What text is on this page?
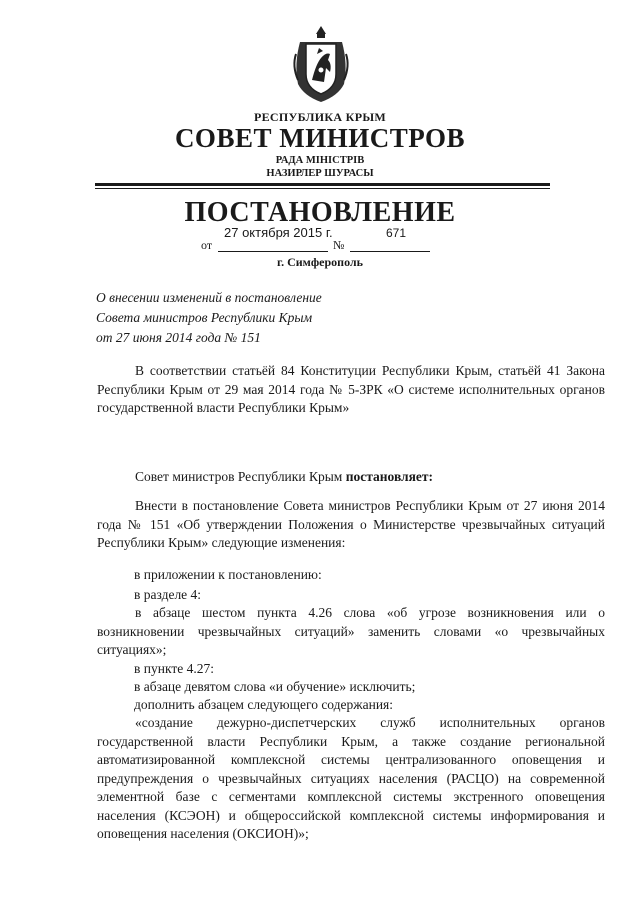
РЕСПУБЛИКА КРЫМ
СОВЕТ МИНИСТРОВ
РАДА МІНІСТРІВ
НАЗИРЛЕР ШУРАСЫ
ПОСТАНОВЛЕНИЕ
27 октября 2015 г.	671
от	№
г. Симферополь
О внесении изменений в постановление
Совета министров Республики Крым
от 27 июня 2014 года № 151
В соответствии статьёй 84 Конституции Республики Крым, статьёй 41 Закона Республики Крым от 29 мая 2014 года № 5-ЗРК «О системе исполнительных органов государственной власти Республики Крым»
Совет министров Республики Крым постановляет:
Внести в постановление Совета министров Республики Крым от 27 июня 2014 года № 151 «Об утверждении Положения о Министерстве чрезвычайных ситуаций Республики Крым» следующие изменения:
в приложении к постановлению:
в разделе 4:
в абзаце шестом пункта 4.26 слова «об угрозе возникновения или о возникновении чрезвычайных ситуаций» заменить словами «о чрезвычайных ситуациях»;
в пункте 4.27:
в абзаце девятом слова «и обучение» исключить;
дополнить абзацем следующего содержания:
«создание дежурно-диспетчерских служб исполнительных органов государственной власти Республики Крым, а также создание региональной автоматизированной комплексной системы централизованного оповещения и предупреждения о чрезвычайных ситуациях населения (РАСЦО) на современной элементной базе с сегментами комплексной системы экстренного оповещения населения (КСЭОН) и общероссийской комплексной системы информирования и оповещения населения (ОКСИОН)»;
